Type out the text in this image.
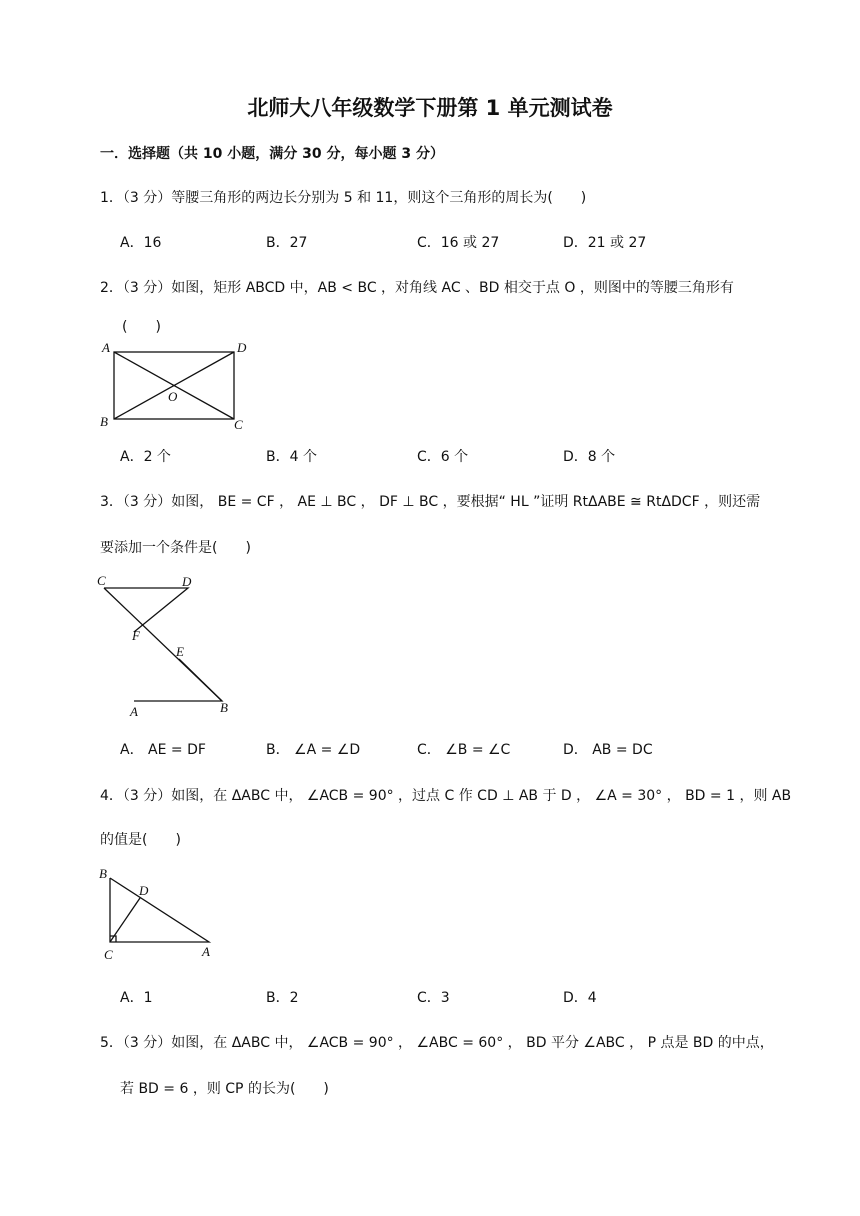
北师大八年级数学下册第 1 单元测试卷
一．选择题（共 10 小题，满分 30 分，每小题 3 分）
1．（3 分）等腰三角形的两边长分别为 5 和 11，则这个三角形的周长为(　　)
A．16	B．27	C．16 或 27	D．21 或 27
2．（3 分）如图，矩形 ABCD 中，AB < BC ，对角线 AC 、BD 相交于点 O ，则图中的等腰三角形有
(　　)
A	D
O
B	C
A．2 个	B．4 个	C．6 个	D．8 个
3．（3 分）如图， BE = CF ， AE ⊥ BC ， DF ⊥ BC ，要根据“ HL ”证明 RtΔABE ≅ RtΔDCF ，则还需
要添加一个条件是(　　)
C	D
F
E
A	B
A． AE = DF	B． ∠A = ∠D	C． ∠B = ∠C	D． AB = DC
4．（3 分）如图，在 ΔABC 中， ∠ACB = 90° ，过点 C 作 CD ⊥ AB 于 D ， ∠A = 30° ， BD = 1 ，则 AB
的值是(　　)
B
D
C	A
A．1	B．2	C．3	D．4
5．（3 分）如图，在 ΔABC 中， ∠ACB = 90° ， ∠ABC = 60° ， BD 平分 ∠ABC ， P 点是 BD 的中点，
若 BD = 6 ，则 CP 的长为(　　)
